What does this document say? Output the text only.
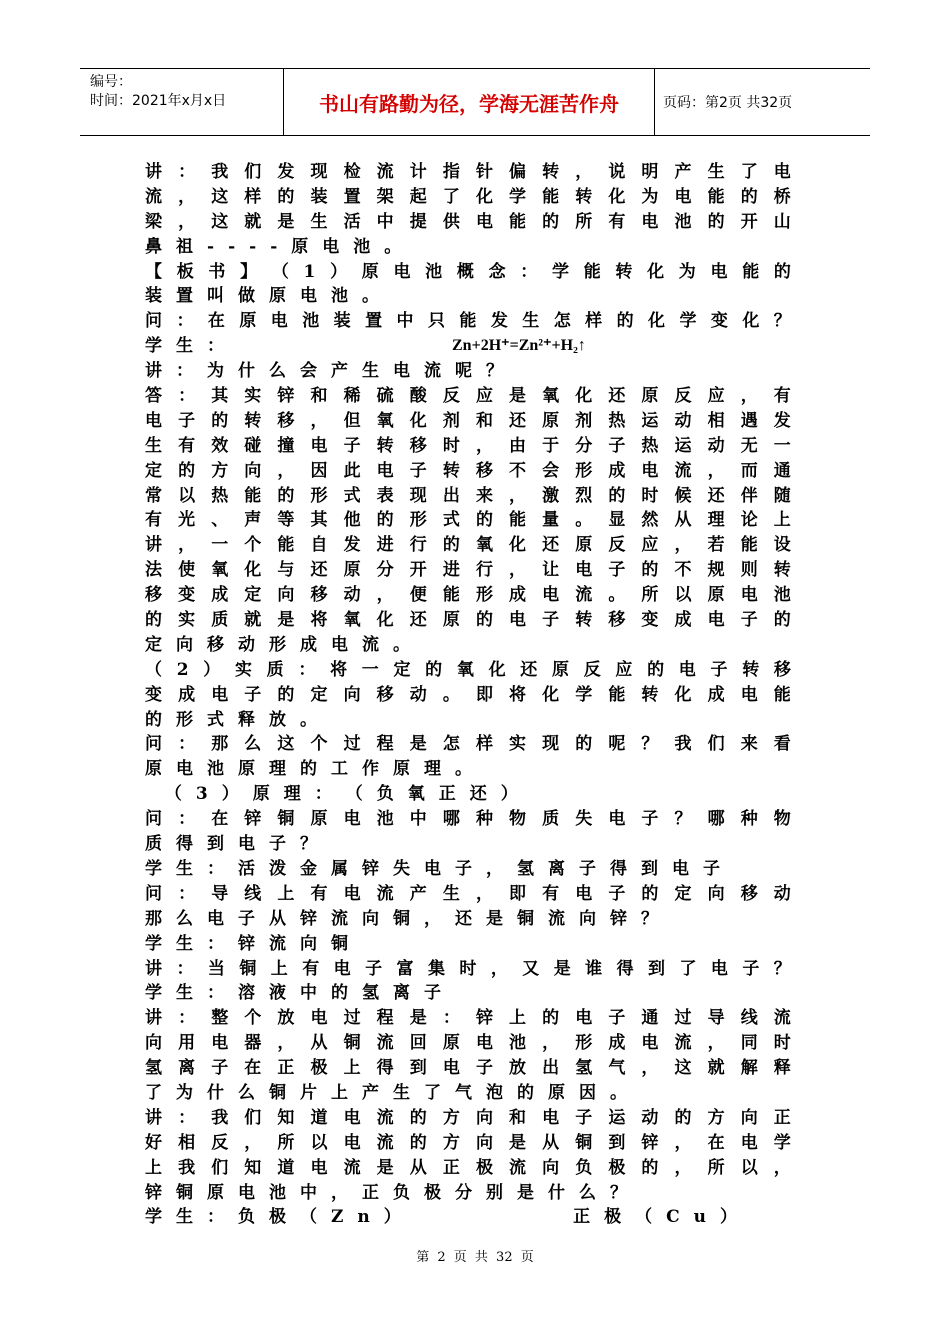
编号：
时间：2021年x月x日	书山有路勤为径，学海无涯苦作舟	页码：第2页 共32页
讲 ： 我 们 发 现 检 流 计 指 针 偏 转 ， 说 明 产 生 了 电
流 ， 这 样 的 装 置 架 起 了 化 学 能 转 化 为 电 能 的 桥
梁 ， 这 就 是 生 活 中 提 供 电 能 的 所 有 电 池 的 开 山
鼻 祖 - - - - 原 电 池 。
【 板 书 】 （ 1 ） 原 电 池 概 念 ： 学 能 转 化 为 电 能 的
装 置 叫 做 原 电 池 。
问 ： 在 原 电 池 装 置 中 只 能 发 生 怎 样 的 化 学 变 化 ？
学生：	Zn+2H⁺=Zn²⁺+H₂↑
讲 ： 为 什 么 会 产 生 电 流 呢 ？
答 ： 其 实 锌 和 稀 硫 酸 反 应 是 氧 化 还 原 反 应 ， 有
电 子 的 转 移 ， 但 氧 化 剂 和 还 原 剂 热 运 动 相 遇 发
生 有 效 碰 撞 电 子 转 移 时 ， 由 于 分 子 热 运 动 无 一
定 的 方 向 ， 因 此 电 子 转 移 不 会 形 成 电 流 ， 而 通
常 以 热 能 的 形 式 表 现 出 来 ， 激 烈 的 时 候 还 伴 随
有 光 、 声 等 其 他 的 形 式 的 能 量 。 显 然 从 理 论 上
讲 ， 一 个 能 自 发 进 行 的 氧 化 还 原 反 应 ， 若 能 设
法 使 氧 化 与 还 原 分 开 进 行 ， 让 电 子 的 不 规 则 转
移 变 成 定 向 移 动 ， 便 能 形 成 电 流 。 所 以 原 电 池
的 实 质 就 是 将 氧 化 还 原 的 电 子 转 移 变 成 电 子 的
定 向 移 动 形 成 电 流 。
（ 2 ） 实 质 ： 将 一 定 的 氧 化 还 原 反 应 的 电 子 转 移
变 成 电 子 的 定 向 移 动 。 即 将 化 学 能 转 化 成 电 能
的 形 式 释 放 。
问 ： 那 么 这 个 过 程 是 怎 样 实 现 的 呢 ？ 我 们 来 看
原 电 池 原 理 的 工 作 原 理 。

（ 3 ） 原 理 ： （ 负 氧 正 还 ）
问 ： 在 锌 铜 原 电 池 中 哪 种 物 质 失 电 子 ？ 哪 种 物
质 得 到 电 子 ？
学 生 ： 活 泼 金 属 锌 失 电 子 ， 氢 离 子 得 到 电 子
问 ： 导 线 上 有 电 流 产 生 ， 即 有 电 子 的 定 向 移 动
那 么 电 子 从 锌 流 向 铜 ， 还 是 铜 流 向 锌 ？
学 生 ： 锌 流 向 铜
讲 ： 当 铜 上 有 电 子 富 集 时 ， 又 是 谁 得 到 了 电 子 ？
学 生 ： 溶 液 中 的 氢 离 子
讲 ： 整 个 放 电 过 程 是 ： 锌 上 的 电 子 通 过 导 线 流
向 用 电 器 ， 从 铜 流 回 原 电 池 ， 形 成 电 流 ， 同 时
氢 离 子 在 正 极 上 得 到 电 子 放 出 氢 气 ， 这 就 解 释
了 为 什 么 铜 片 上 产 生 了 气 泡 的 原 因 。
讲 ： 我 们 知 道 电 流 的 方 向 和 电 子 运 动 的 方 向 正
好 相 反 ， 所 以 电 流 的 方 向 是 从 铜 到 锌 ， 在 电 学
上 我 们 知 道 电 流 是 从 正 极 流 向 负 极 的 ， 所 以 ，
锌 铜 原 电 池 中 ， 正 负 极 分 别 是 什 么 ？
学生：负极（Zn）	正极（Cu）
第 2 页 共 32 页
